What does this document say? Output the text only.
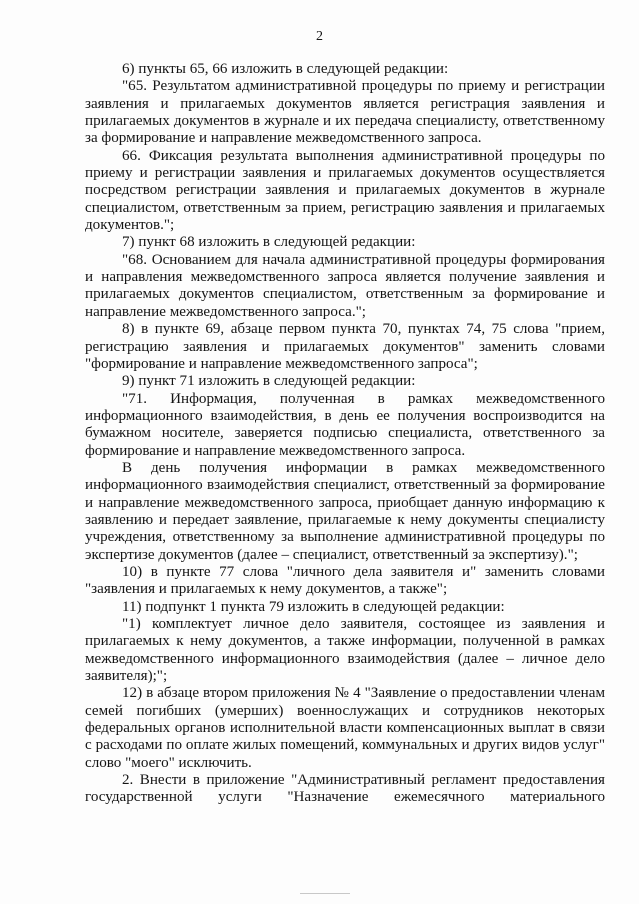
2

6) пункты 65, 66 изложить в следующей редакции:

"65. Результатом административной процедуры по приему и регистрации заявления и прилагаемых документов является регистрация заявления и прилагаемых документов в журнале и их передача специалисту, ответственному за формирование и направление межведомственного запроса.

66. Фиксация результата выполнения административной процедуры по приему и регистрации заявления и прилагаемых документов осуществляется посредством регистрации заявления и прилагаемых документов в журнале специалистом, ответственным за прием, регистрацию заявления и прилагаемых документов.";

7) пункт 68 изложить в следующей редакции:

"68. Основанием для начала административной процедуры формирования и направления межведомственного запроса является получение заявления и прилагаемых документов специалистом, ответственным за формирование и направление межведомственного запроса.";

8) в пункте 69, абзаце первом пункта 70, пунктах 74, 75 слова "прием, регистрацию заявления и прилагаемых документов" заменить словами "формирование и направление межведомственного запроса";

9) пункт 71 изложить в следующей редакции:

"71. Информация, полученная в рамках межведомственного информационного взаимодействия, в день ее получения воспроизводится на бумажном носителе, заверяется подписью специалиста, ответственного за формирование и направление межведомственного запроса.

В день получения информации в рамках межведомственного информационного взаимодействия специалист, ответственный за формирование и направление межведомственного запроса, приобщает данную информацию к заявлению и передает заявление, прилагаемые к нему документы специалисту учреждения, ответственному за выполнение административной процедуры по экспертизе документов (далее – специалист, ответственный за экспертизу).";

10) в пункте 77 слова "личного дела заявителя и" заменить словами "заявления и прилагаемых к нему документов, а также";

11) подпункт 1 пункта 79 изложить в следующей редакции:

"1) комплектует личное дело заявителя, состоящее из заявления и прилагаемых к нему документов, а также информации, полученной в рамках межведомственного информационного взаимодействия (далее – личное дело заявителя);";

12) в абзаце втором приложения № 4 "Заявление о предоставлении членам семей погибших (умерших) военнослужащих и сотрудников некоторых федеральных органов исполнительной власти компенсационных выплат в связи с расходами по оплате жилых помещений, коммунальных и других видов услуг" слово "моего" исключить.

2. Внести в приложение "Административный регламент предоставления государственной услуги "Назначение ежемесячного материального
